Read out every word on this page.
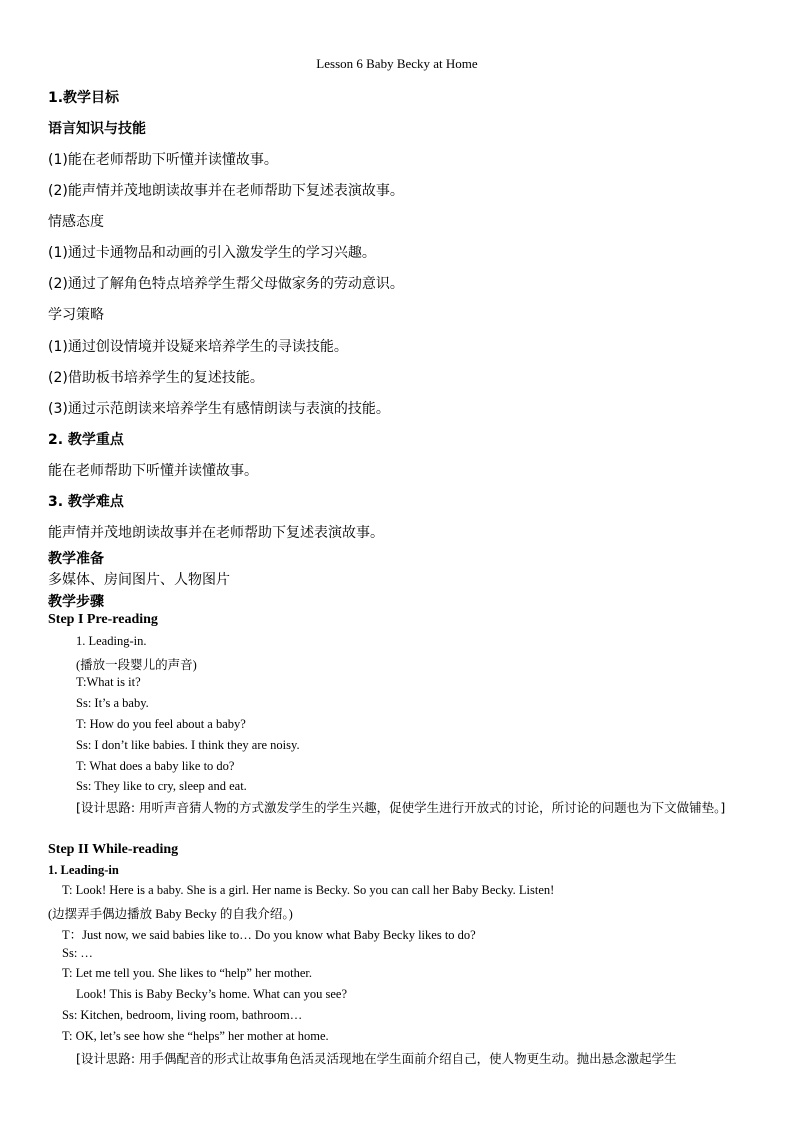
Lesson 6 Baby Becky at Home
1.教学目标
语言知识与技能
(1)能在老师帮助下听懂并读懂故事。
(2)能声情并茂地朗读故事并在老师帮助下复述表演故事。
情感态度
(1)通过卡通物品和动画的引入激发学生的学习兴趣。
(2)通过了解角色特点培养学生帮父母做家务的劳动意识。
学习策略
(1)通过创设情境并设疑来培养学生的寻读技能。
(2)借助板书培养学生的复述技能。
(3)通过示范朗读来培养学生有感情朗读与表演的技能。
2. 教学重点
能在老师帮助下听懂并读懂故事。
3. 教学难点
能声情并茂地朗读故事并在老师帮助下复述表演故事。
教学准备
多媒体、房间图片、人物图片
教学步骤
Step I Pre-reading
1. Leading-in.
(播放一段婴儿的声音)
T:What is it?
Ss: It’s a baby.
T: How do you feel about a baby?
Ss: I don’t like babies. I think they are noisy.
T: What does a baby like to do?
Ss: They like to cry, sleep and eat.
[设计思路: 用听声音猜人物的方式激发学生的学生兴趣，促使学生进行开放式的讨论，所讨论的问题也为下文做铺垫。]
Step II While-reading
1. Leading-in
T: Look! Here is a baby. She is a girl. Her name is Becky. So you can call her Baby Becky. Listen!
(边摆弄手偶边播放 Baby Becky 的自我介绍。)
T：Just now, we said babies like to… Do you know what Baby Becky likes to do?
Ss: …
T: Let me tell you. She likes to “help” her mother.
Look! This is Baby Becky’s home. What can you see?
Ss: Kitchen, bedroom, living room, bathroom…
T: OK, let’s see how she “helps” her mother at home.
[设计思路: 用手偶配音的形式让故事角色活灵活现地在学生面前介绍自己，使人物更生动。抛出悬念激起学生
